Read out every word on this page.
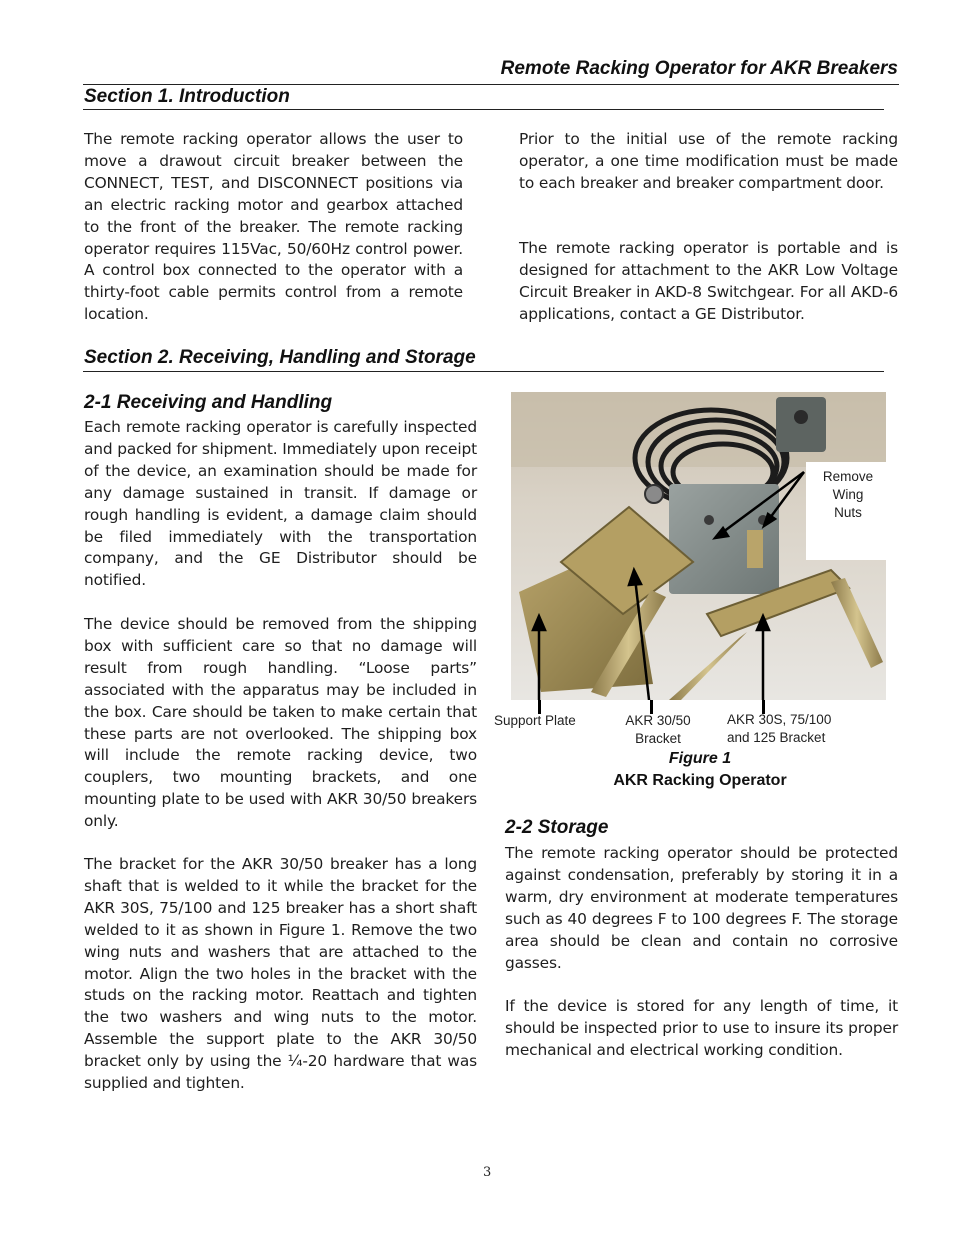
Remote Racking Operator for AKR Breakers
Section 1. Introduction
The remote racking operator allows the user to move a drawout circuit breaker between the CONNECT, TEST, and DISCONNECT positions via an electric racking motor and gearbox attached to the front of the breaker. The remote racking operator requires 115Vac, 50/60Hz control power. A control box connected to the operator with a thirty-foot cable permits control from a remote location.
Prior to the initial use of the remote racking operator, a one time modification must be made to each breaker and breaker compartment door.
The remote racking operator is portable and is designed for attachment to the AKR Low Voltage Circuit Breaker in AKD-8 Switchgear. For all AKD-6 applications, contact a GE Distributor.
Section 2. Receiving, Handling and Storage
2-1 Receiving and Handling
Each remote racking operator is carefully inspected and packed for shipment. Immediately upon receipt of the device, an examination should be made for any damage sustained in transit. If damage or rough handling is evident, a damage claim should be filed immediately with the transportation company, and the GE Distributor should be notified.
The device should be removed from the shipping box with sufficient care so that no damage will result from rough handling. “Loose parts” associated with the apparatus may be included in the box. Care should be taken to make certain that these parts are not overlooked. The shipping box will include the remote racking device, two couplers, two mounting brackets, and one mounting plate to be used with AKR 30/50 breakers only.
The bracket for the AKR 30/50 breaker has a long shaft that is welded to it while the bracket for the AKR 30S, 75/100 and 125 breaker has a short shaft welded to it as shown in Figure 1. Remove the two wing nuts and washers that are attached to the motor. Align the two holes in the bracket with the studs on the racking motor. Reattach and tighten the two washers and wing nuts to the motor. Assemble the support plate to the AKR 30/50 bracket only by using the ¼-20 hardware that was supplied and tighten.
Remove
Wing
Nuts
Support Plate	AKR 30/50
Bracket
AKR 30S, 75/100
and 125 Bracket
Figure 1
AKR Racking Operator
2-2 Storage
The remote racking operator should be protected against condensation, preferably by storing it in a warm, dry environment at moderate temperatures such as 40 degrees F to 100 degrees F. The storage area should be clean and contain no corrosive gasses.
If the device is stored for any length of time, it should be inspected prior to use to insure its proper mechanical and electrical working condition.
3
